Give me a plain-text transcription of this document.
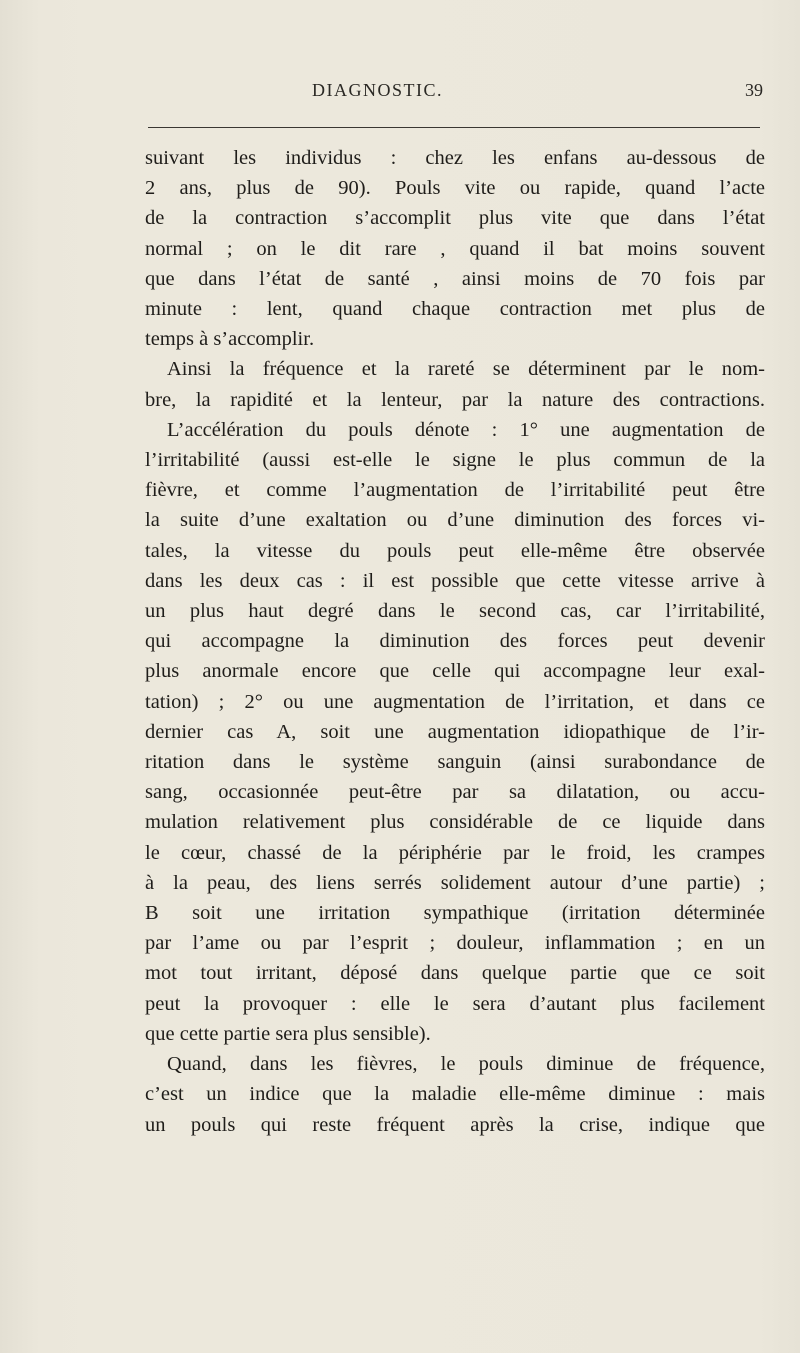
DIAGNOSTIC.	39
suivant les individus : chez les enfans au-dessous de
2 ans, plus de 90). Pouls vite ou rapide, quand l’acte
de la contraction s’accomplit plus vite que dans l’état
normal ; on le dit rare , quand il bat moins souvent
que dans l’état de santé , ainsi moins de 70 fois par
minute : lent, quand chaque contraction met plus de
temps à s’accomplir.
Ainsi la fréquence et la rareté se déterminent par le nom-
bre, la rapidité et la lenteur, par la nature des contractions.
L’accélération du pouls dénote : 1° une augmentation de
l’irritabilité (aussi est-elle le signe le plus commun de la
fièvre, et comme l’augmentation de l’irritabilité peut être
la suite d’une exaltation ou d’une diminution des forces vi-
tales, la vitesse du pouls peut elle-même être observée
dans les deux cas : il est possible que cette vitesse arrive à
un plus haut degré dans le second cas, car l’irritabilité,
qui accompagne la diminution des forces peut devenir
plus anormale encore que celle qui accompagne leur exal-
tation) ; 2° ou une augmentation de l’irritation, et dans ce
dernier cas A, soit une augmentation idiopathique de l’ir-
ritation dans le système sanguin (ainsi surabondance de
sang, occasionnée peut-être par sa dilatation, ou accu-
mulation relativement plus considérable de ce liquide dans
le cœur, chassé de la périphérie par le froid, les crampes
à la peau, des liens serrés solidement autour d’une partie) ;
B soit une irritation sympathique (irritation déterminée
par l’ame ou par l’esprit ; douleur, inflammation ; en un
mot tout irritant, déposé dans quelque partie que ce soit
peut la provoquer : elle le sera d’autant plus facilement
que cette partie sera plus sensible).
Quand, dans les fièvres, le pouls diminue de fréquence,
c’est un indice que la maladie elle-même diminue : mais
un pouls qui reste fréquent après la crise, indique que
